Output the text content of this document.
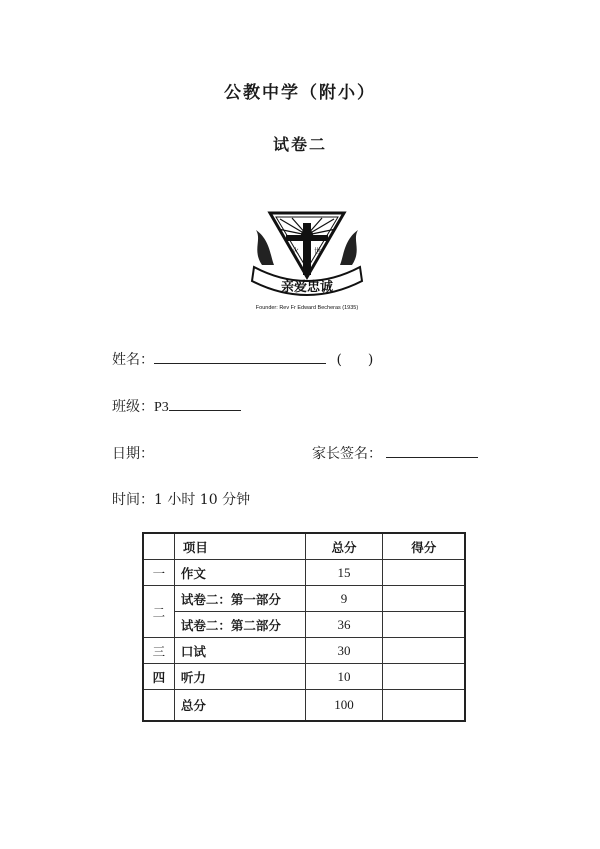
公教中学（附小）
试卷二
火 世
亲爱忠诚
Founder: Rev Fr Edward Becheras (1935)
姓名：	( )
班级：P3
日期：	家长签名：
时间：1 小时 10 分钟
	项目	总分	得分
一	作文	15	
二	试卷二：第一部分	9	
	试卷二：第二部分	36	
三	口试	30	
四	听力	10	
	总分	100	
